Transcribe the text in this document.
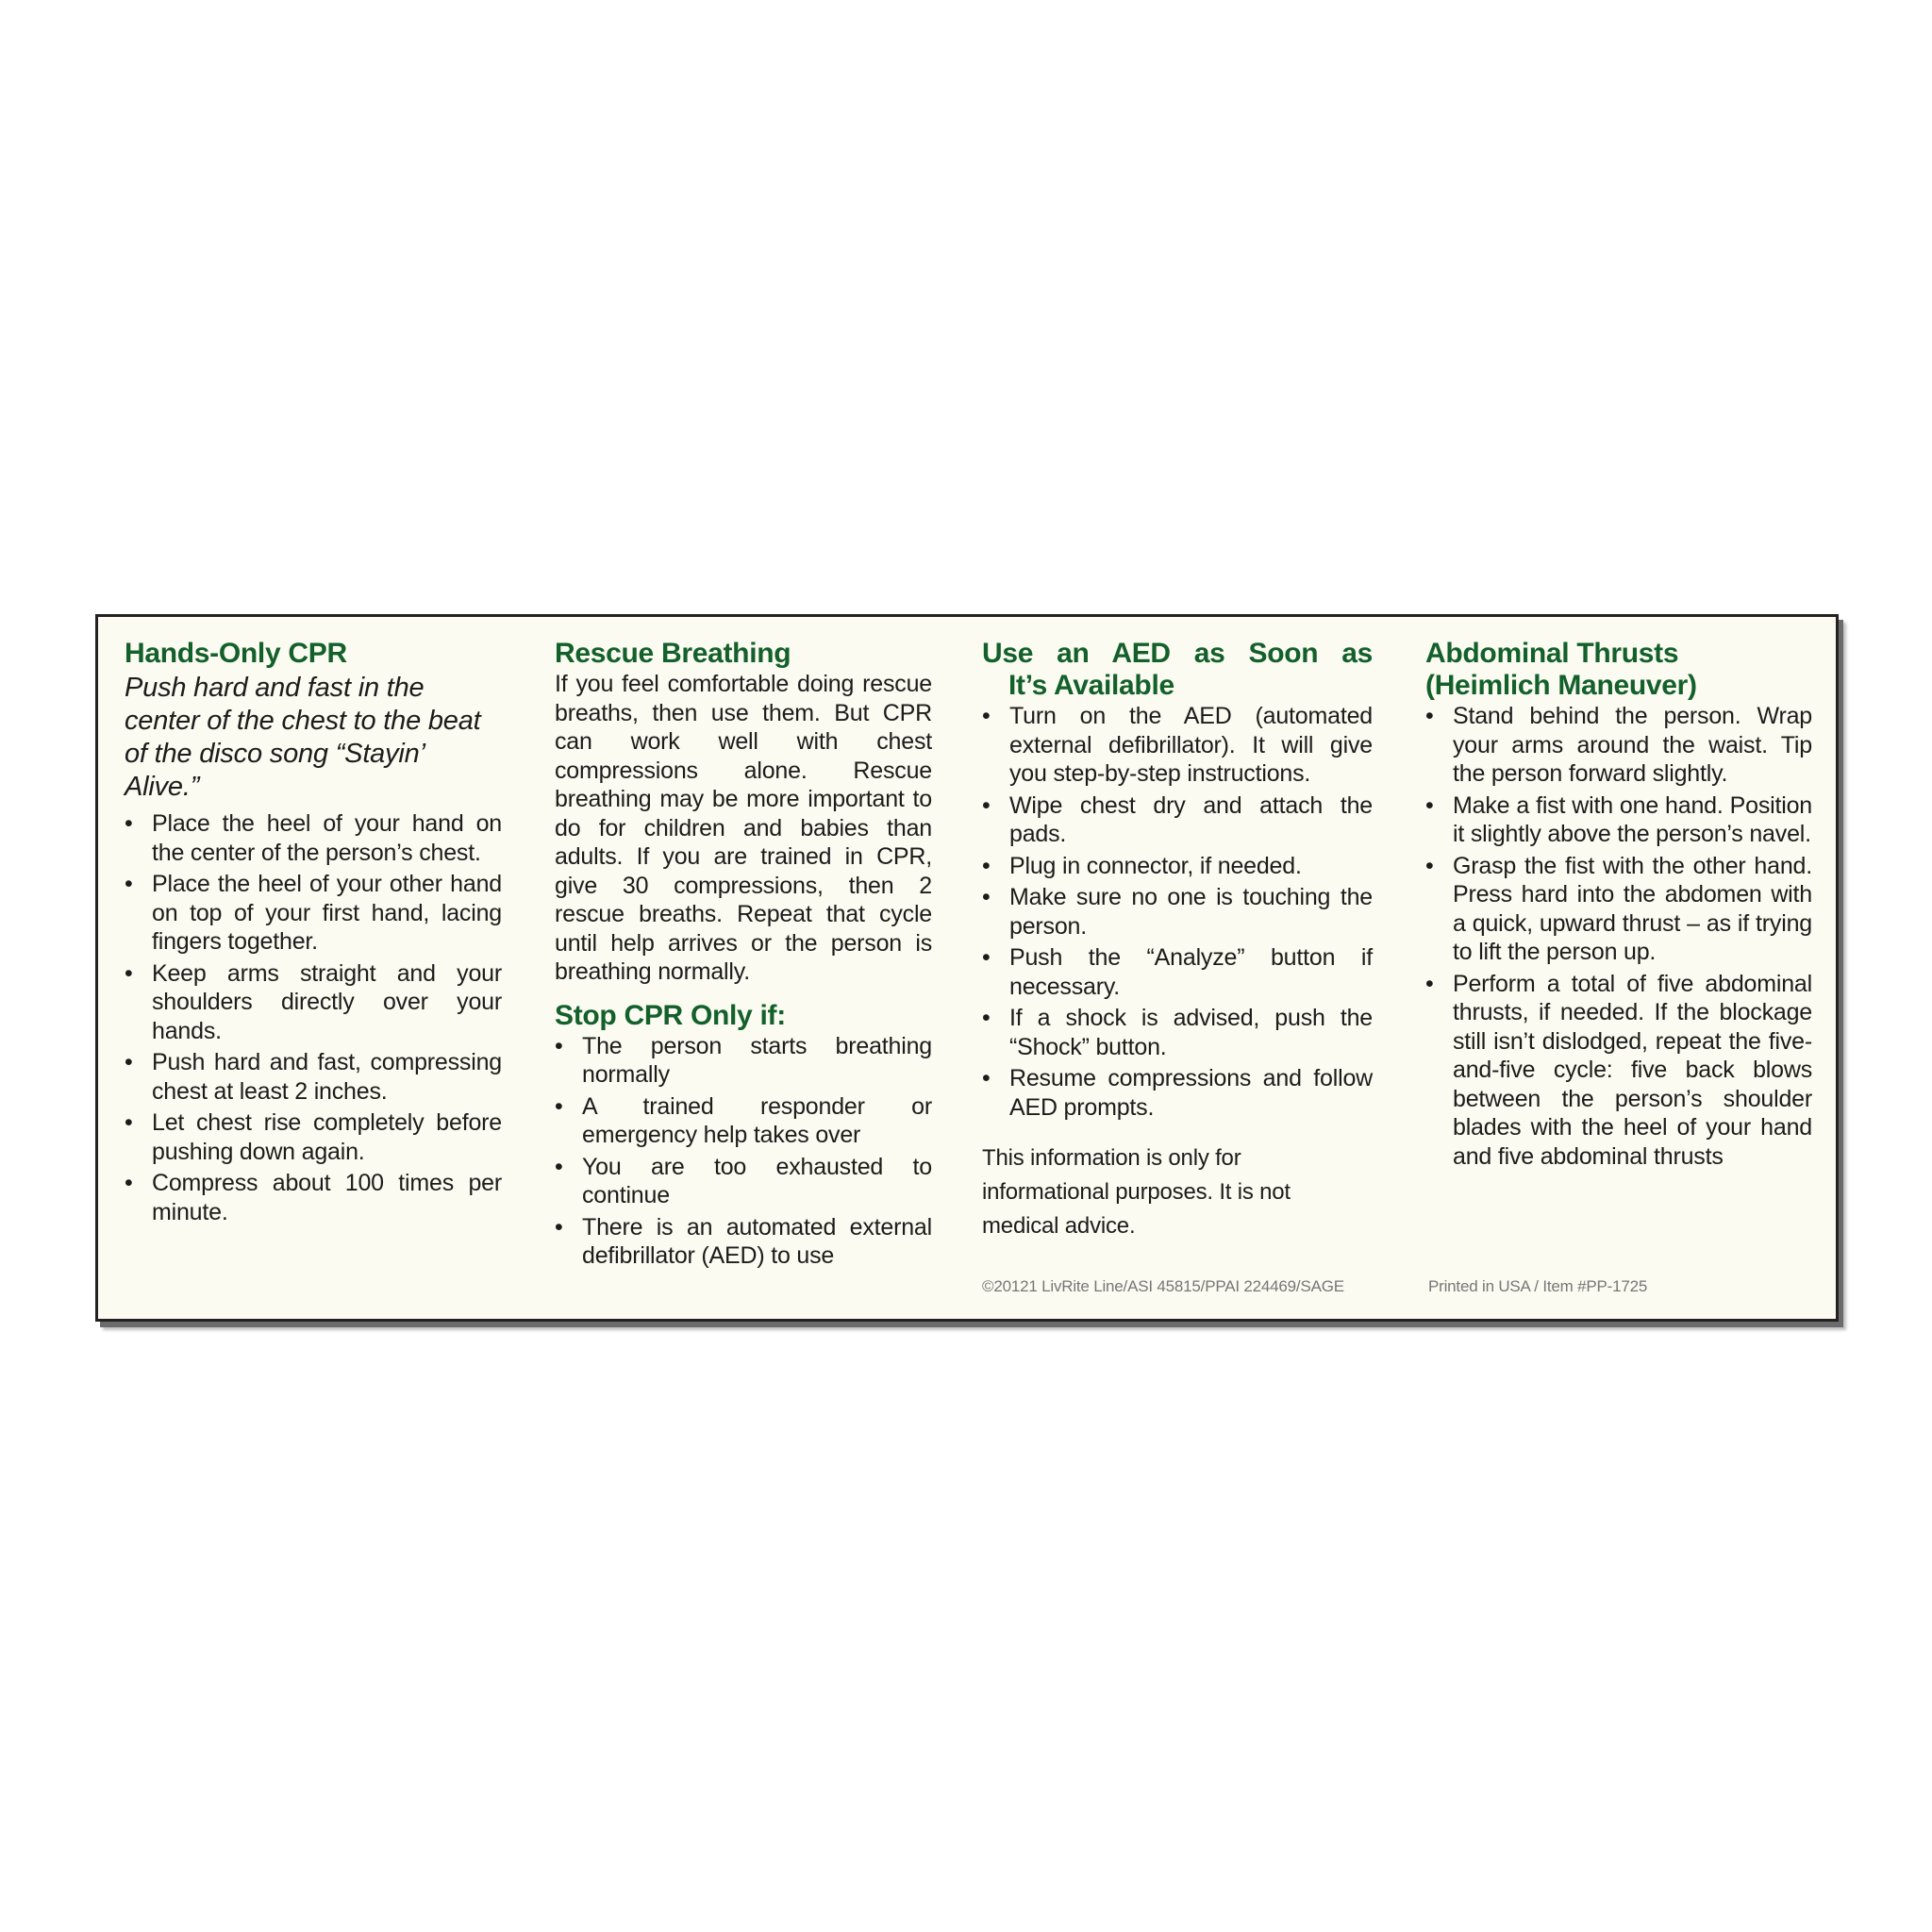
Hands-Only CPR

Push hard and fast in the center of the chest to the beat of the disco song “Stayin’ Alive.”

• Place the heel of your hand on the center of the person’s chest.
• Place the heel of your other hand on top of your first hand, lacing fingers together.
• Keep arms straight and your shoulders directly over your hands.
• Push hard and fast, compressing chest at least 2 inches.
• Let chest rise completely before pushing down again.
• Compress about 100 times per minute.
Rescue Breathing

If you feel comfortable doing rescue breaths, then use them. But CPR can work well with chest compressions alone. Rescue breathing may be more important to do for children and babies than adults. If you are trained in CPR, give 30 compressions, then 2 rescue breaths. Repeat that cycle until help arrives or the person is breathing normally.

Stop CPR Only if:
• The person starts breathing normally
• A trained responder or emergency help takes over
• You are too exhausted to continue
• There is an automated external defibrillator (AED) to use
Use an AED as Soon as
It’s Available
• Turn on the AED (automated external defibrillator). It will give you step-by-step instructions.
• Wipe chest dry and attach the pads.
• Plug in connector, if needed.
• Make sure no one is touching the person.
• Push the “Analyze” button if necessary.
• If a shock is advised, push the “Shock” button.
• Resume compressions and follow AED prompts.

This information is only for informational purposes. It is not medical advice.

©20121 LivRite Line/ASI 45815/PPAI 224469/SAGE
Abdominal Thrusts
(Heimlich Maneuver)
• Stand behind the person. Wrap your arms around the waist. Tip the person forward slightly.
• Make a fist with one hand. Position it slightly above the person’s navel.
• Grasp the fist with the other hand. Press hard into the abdomen with a quick, upward thrust – as if trying to lift the person up.
• Perform a total of five abdominal thrusts, if needed. If the blockage still isn’t dislodged, repeat the five-and-five cycle: five back blows between the person’s shoulder blades with the heel of your hand and five abdominal thrusts
Printed in USA / Item #PP-1725
